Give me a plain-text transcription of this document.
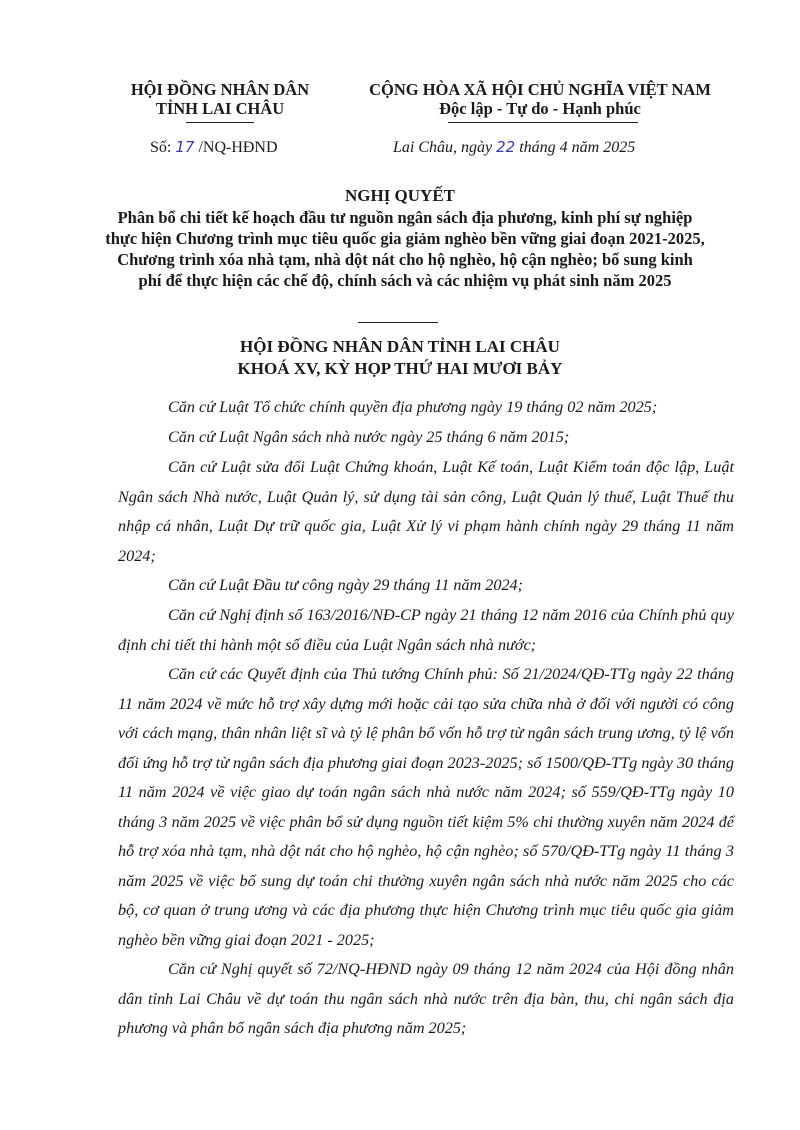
HỘI ĐỒNG NHÂN DÂN
TỈNH LAI CHÂU
CỘNG HÒA XÃ HỘI CHỦ NGHĨA VIỆT NAM
Độc lập - Tự do - Hạnh phúc
Số: 17 /NQ-HĐND	Lai Châu, ngày 22 tháng 4 năm 2025
NGHỊ QUYẾT
Phân bổ chi tiết kế hoạch đầu tư nguồn ngân sách địa phương, kinh phí sự nghiệp thực hiện Chương trình mục tiêu quốc gia giảm nghèo bền vững giai đoạn 2021-2025, Chương trình xóa nhà tạm, nhà dột nát cho hộ nghèo, hộ cận nghèo; bổ sung kinh phí để thực hiện các chế độ, chính sách và các nhiệm vụ phát sinh năm 2025
HỘI ĐỒNG NHÂN DÂN TỈNH LAI CHÂU
KHOÁ XV, KỲ HỌP THỨ HAI MƯƠI BẢY
Căn cứ Luật Tổ chức chính quyền địa phương ngày 19 tháng 02 năm 2025;
Căn cứ Luật Ngân sách nhà nước ngày 25 tháng 6 năm 2015;
Căn cứ Luật sửa đổi Luật Chứng khoán, Luật Kế toán, Luật Kiểm toán độc lập, Luật Ngân sách Nhà nước, Luật Quản lý, sử dụng tài sản công, Luật Quản lý thuế, Luật Thuế thu nhập cá nhân, Luật Dự trữ quốc gia, Luật Xử lý vi phạm hành chính ngày 29 tháng 11 năm 2024;
Căn cứ Luật Đầu tư công ngày 29 tháng 11 năm 2024;
Căn cứ Nghị định số 163/2016/NĐ-CP ngày 21 tháng 12 năm 2016 của Chính phủ quy định chi tiết thi hành một số điều của Luật Ngân sách nhà nước;
Căn cứ các Quyết định của Thủ tướng Chính phủ: Số 21/2024/QĐ-TTg ngày 22 tháng 11 năm 2024 về mức hỗ trợ xây dựng mới hoặc cải tạo sửa chữa nhà ở đối với người có công với cách mạng, thân nhân liệt sĩ và tỷ lệ phân bổ vốn hỗ trợ từ ngân sách trung ương, tỷ lệ vốn đối ứng hỗ trợ từ ngân sách địa phương giai đoạn 2023-2025; số 1500/QĐ-TTg ngày 30 tháng 11 năm 2024 về việc giao dự toán ngân sách nhà nước năm 2024; số 559/QĐ-TTg ngày 10 tháng 3 năm 2025 về việc phân bổ sử dụng nguồn tiết kiệm 5% chi thường xuyên năm 2024 để hỗ trợ xóa nhà tạm, nhà dột nát cho hộ nghèo, hộ cận nghèo; số 570/QĐ-TTg ngày 11 tháng 3 năm 2025 về việc bổ sung dự toán chi thường xuyên ngân sách nhà nước năm 2025 cho các bộ, cơ quan ở trung ương và các địa phương thực hiện Chương trình mục tiêu quốc gia giảm nghèo bền vững giai đoạn 2021 - 2025;
Căn cứ Nghị quyết số 72/NQ-HĐND ngày 09 tháng 12 năm 2024 của Hội đồng nhân dân tỉnh Lai Châu về dự toán thu ngân sách nhà nước trên địa bàn, thu, chi ngân sách địa phương và phân bổ ngân sách địa phương năm 2025;
